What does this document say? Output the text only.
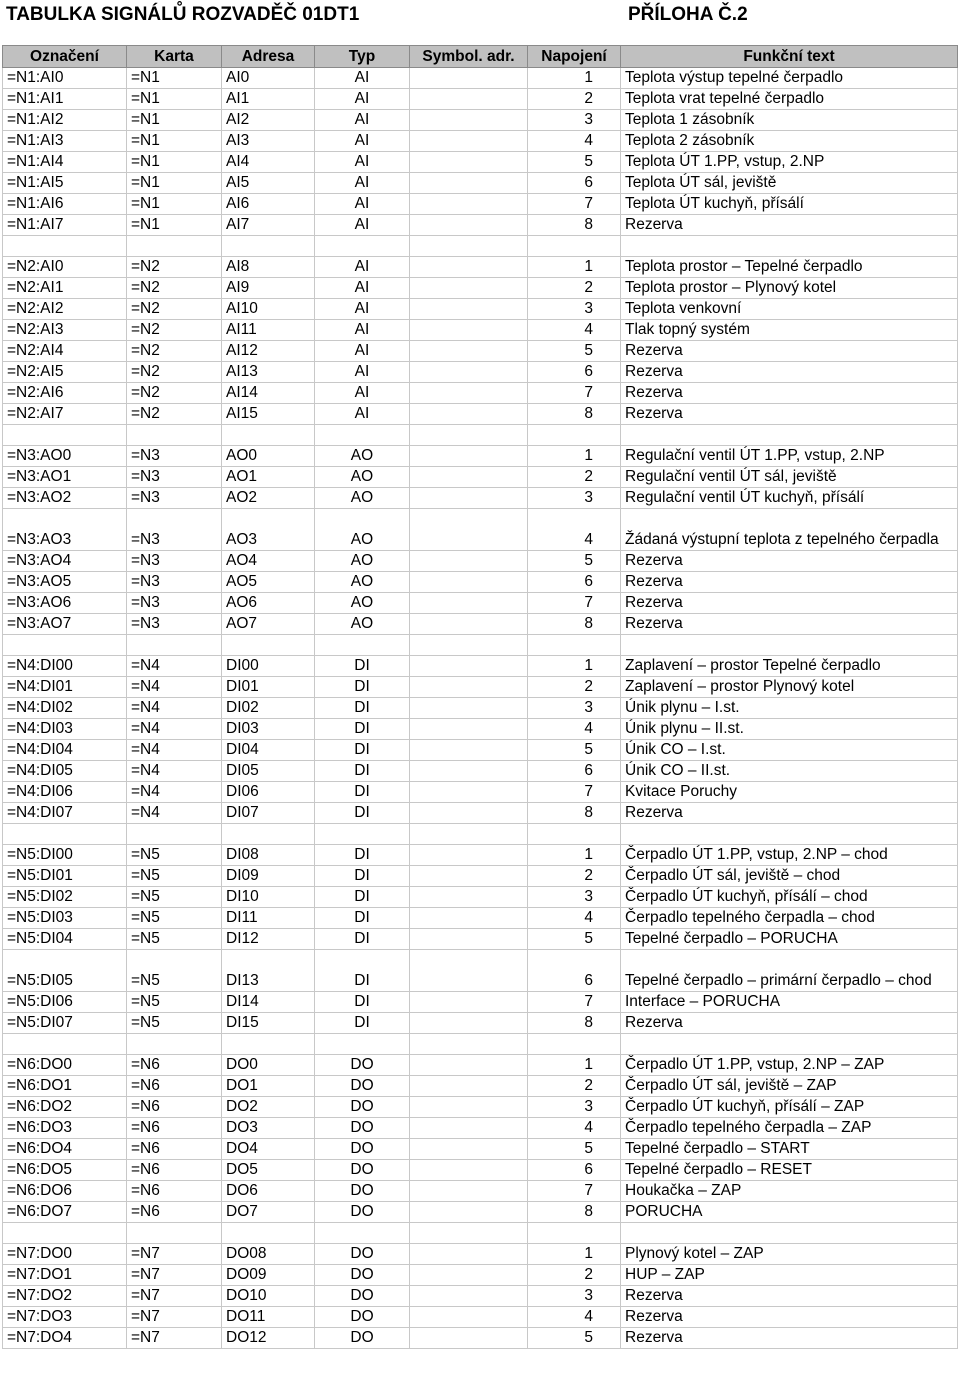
TABULKA SIGNÁLŮ ROZVADĚČ 01DT1	PŘÍLOHA Č.2
Označení	Karta	Adresa	Typ	Symbol. adr.	Napojení	Funkční text
=N1:AI0	=N1	AI0	AI		1	Teplota výstup tepelné čerpadlo
=N1:AI1	=N1	AI1	AI		2	Teplota vrat tepelné čerpadlo
=N1:AI2	=N1	AI2	AI		3	Teplota 1 zásobník
=N1:AI3	=N1	AI3	AI		4	Teplota 2 zásobník
=N1:AI4	=N1	AI4	AI		5	Teplota ÚT 1.PP, vstup, 2.NP
=N1:AI5	=N1	AI5	AI		6	Teplota ÚT sál, jeviště
=N1:AI6	=N1	AI6	AI		7	Teplota ÚT kuchyň, přísálí
=N1:AI7	=N1	AI7	AI		8	Rezerva

=N2:AI0	=N2	AI8	AI		1	Teplota prostor – Tepelné čerpadlo
=N2:AI1	=N2	AI9	AI		2	Teplota prostor – Plynový kotel
=N2:AI2	=N2	AI10	AI		3	Teplota venkovní
=N2:AI3	=N2	AI11	AI		4	Tlak topný systém
=N2:AI4	=N2	AI12	AI		5	Rezerva
=N2:AI5	=N2	AI13	AI		6	Rezerva
=N2:AI6	=N2	AI14	AI		7	Rezerva
=N2:AI7	=N2	AI15	AI		8	Rezerva

=N3:AO0	=N3	AO0	AO		1	Regulační ventil ÚT 1.PP, vstup, 2.NP
=N3:AO1	=N3	AO1	AO		2	Regulační ventil ÚT sál, jeviště
=N3:AO2	=N3	AO2	AO		3	Regulační ventil ÚT kuchyň, přísálí
=N3:AO3	=N3	AO3	AO		4	Žádaná výstupní teplota z tepelného čerpadla
=N3:AO4	=N3	AO4	AO		5	Rezerva
=N3:AO5	=N3	AO5	AO		6	Rezerva
=N3:AO6	=N3	AO6	AO		7	Rezerva
=N3:AO7	=N3	AO7	AO		8	Rezerva

=N4:DI00	=N4	DI00	DI		1	Zaplavení – prostor Tepelné čerpadlo
=N4:DI01	=N4	DI01	DI		2	Zaplavení – prostor Plynový kotel
=N4:DI02	=N4	DI02	DI		3	Únik plynu – I.st.
=N4:DI03	=N4	DI03	DI		4	Únik plynu – II.st.
=N4:DI04	=N4	DI04	DI		5	Únik CO – I.st.
=N4:DI05	=N4	DI05	DI		6	Únik CO – II.st.
=N4:DI06	=N4	DI06	DI		7	Kvitace Poruchy
=N4:DI07	=N4	DI07	DI		8	Rezerva

=N5:DI00	=N5	DI08	DI		1	Čerpadlo ÚT 1.PP, vstup, 2.NP – chod
=N5:DI01	=N5	DI09	DI		2	Čerpadlo ÚT sál, jeviště – chod
=N5:DI02	=N5	DI10	DI		3	Čerpadlo ÚT kuchyň, přísálí – chod
=N5:DI03	=N5	DI11	DI		4	Čerpadlo tepelného čerpadla – chod
=N5:DI04	=N5	DI12	DI		5	Tepelné čerpadlo – PORUCHA
=N5:DI05	=N5	DI13	DI		6	Tepelné čerpadlo – primární čerpadlo – chod
=N5:DI06	=N5	DI14	DI		7	Interface – PORUCHA
=N5:DI07	=N5	DI15	DI		8	Rezerva

=N6:DO0	=N6	DO0	DO		1	Čerpadlo ÚT 1.PP, vstup, 2.NP – ZAP
=N6:DO1	=N6	DO1	DO		2	Čerpadlo ÚT sál, jeviště – ZAP
=N6:DO2	=N6	DO2	DO		3	Čerpadlo ÚT kuchyň, přísálí – ZAP
=N6:DO3	=N6	DO3	DO		4	Čerpadlo tepelného čerpadla – ZAP
=N6:DO4	=N6	DO4	DO		5	Tepelné čerpadlo – START
=N6:DO5	=N6	DO5	DO		6	Tepelné čerpadlo – RESET
=N6:DO6	=N6	DO6	DO		7	Houkačka – ZAP
=N6:DO7	=N6	DO7	DO		8	PORUCHA

=N7:DO0	=N7	DO08	DO		1	Plynový kotel – ZAP
=N7:DO1	=N7	DO09	DO		2	HUP – ZAP
=N7:DO2	=N7	DO10	DO		3	Rezerva
=N7:DO3	=N7	DO11	DO		4	Rezerva
=N7:DO4	=N7	DO12	DO		5	Rezerva
